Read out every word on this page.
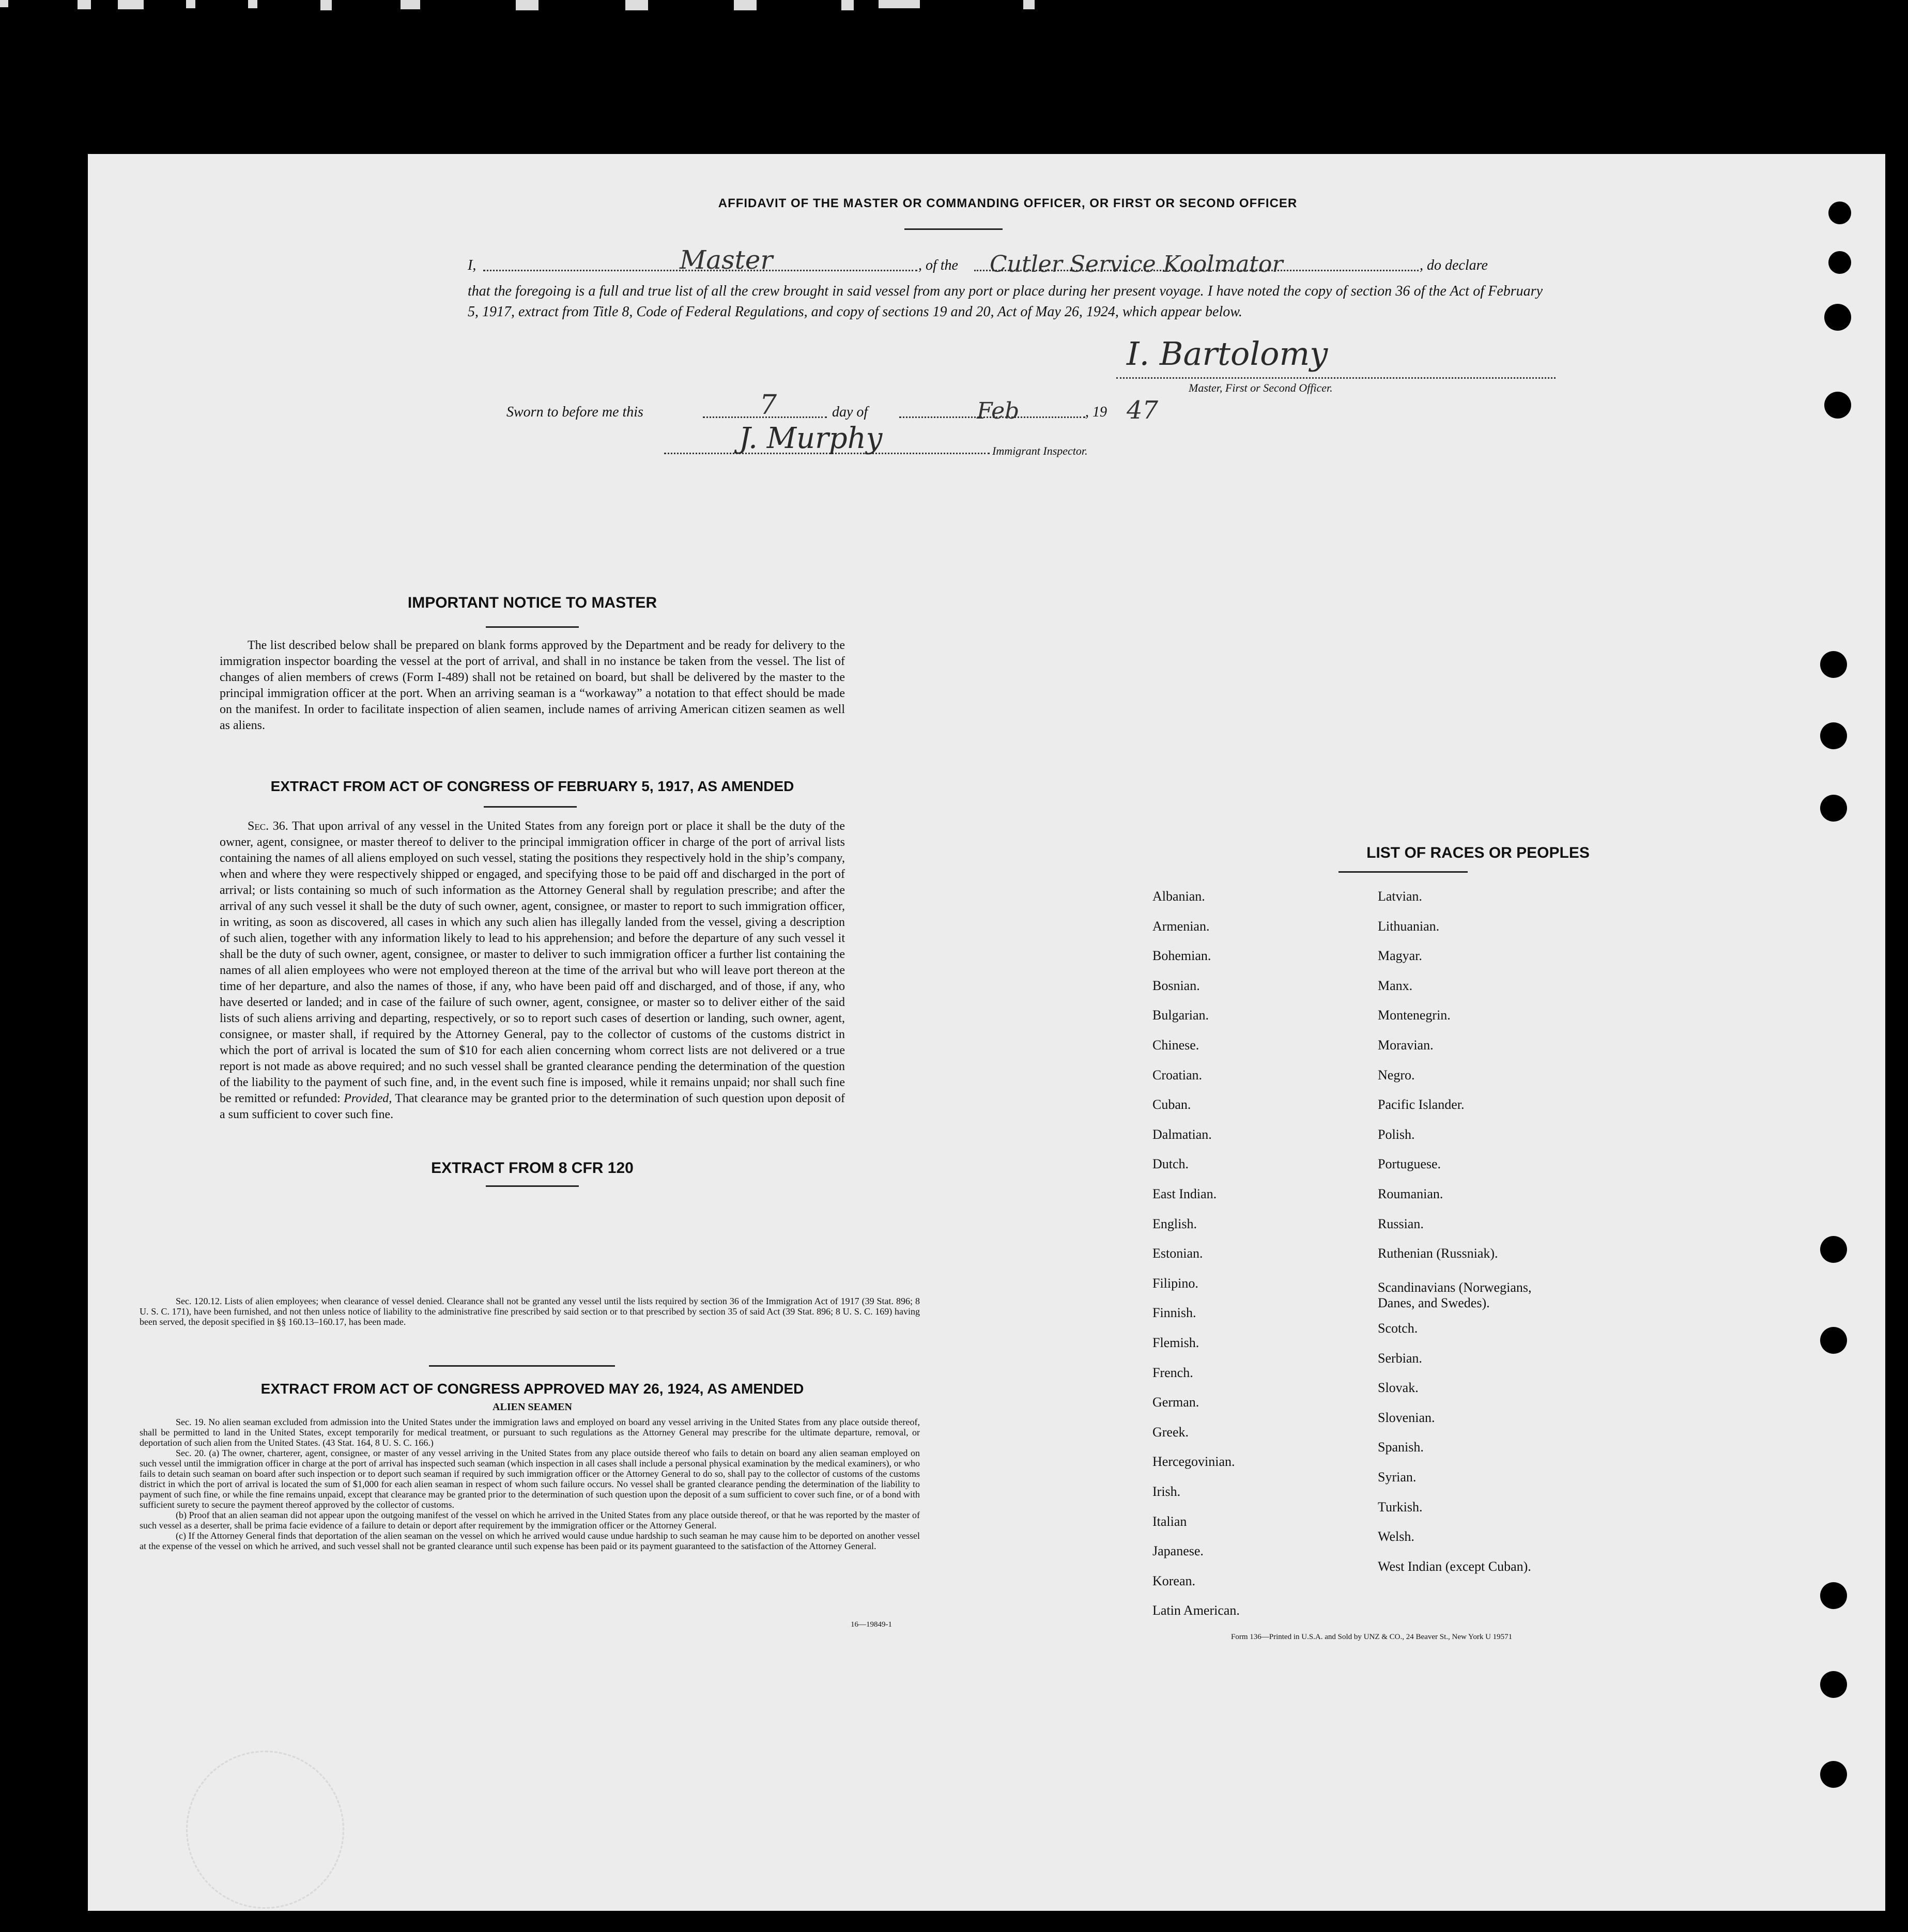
AFFIDAVIT OF THE MASTER OR COMMANDING OFFICER, OR FIRST OR SECOND OFFICER
I,	Master	, of the Cutler Service Koolmator	, do declare
that the foregoing is a full and true list of all the crew brought in said vessel from any port or place during her present voyage. I have noted the copy of section 36 of the Act of February 5, 1917, extract from Title 8, Code of Federal Regulations, and copy of sections 19 and 20, Act of May 26, 1924, which appear below.
I. Bartolomy
Master, First or Second Officer.
Sworn to before me this	7	day of	Feb	, 19 47
J. Murphy	Immigrant Inspector.
IMPORTANT NOTICE TO MASTER
The list described below shall be prepared on blank forms approved by the Department and be ready for delivery to the immigration inspector boarding the vessel at the port of arrival, and shall in no instance be taken from the vessel. The list of changes of alien members of crews (Form I-489) shall not be retained on board, but shall be delivered by the master to the principal immigration officer at the port. When an arriving seaman is a “workaway” a notation to that effect should be made on the manifest. In order to facilitate inspection of alien seamen, include names of arriving American citizen seamen as well as aliens.
EXTRACT FROM ACT OF CONGRESS OF FEBRUARY 5, 1917, AS AMENDED
Sec. 36. That upon arrival of any vessel in the United States from any foreign port or place it shall be the duty of the owner, agent, consignee, or master thereof to deliver to the principal immigration officer in charge of the port of arrival lists containing the names of all aliens employed on such vessel, stating the positions they respectively hold in the ship’s company, when and where they were respectively shipped or engaged, and specifying those to be paid off and discharged in the port of arrival; or lists containing so much of such information as the Attorney General shall by regulation prescribe; and after the arrival of any such vessel it shall be the duty of such owner, agent, consignee, or master to report to such immigration officer, in writing, as soon as discovered, all cases in which any such alien has illegally landed from the vessel, giving a description of such alien, together with any information likely to lead to his apprehension; and before the departure of any such vessel it shall be the duty of such owner, agent, consignee, or master to deliver to such immigration officer a further list containing the names of all alien employees who were not employed thereon at the time of the arrival but who will leave port thereon at the time of her departure, and also the names of those, if any, who have been paid off and discharged, and of those, if any, who have deserted or landed; and in case of the failure of such owner, agent, consignee, or master so to deliver either of the said lists of such aliens arriving and departing, respectively, or so to report such cases of desertion or landing, such owner, agent, consignee, or master shall, if required by the Attorney General, pay to the collector of customs of the customs district in which the port of arrival is located the sum of $10 for each alien concerning whom correct lists are not delivered or a true report is not made as above required; and no such vessel shall be granted clearance pending the determination of the question of the liability to the payment of such fine, and, in the event such fine is imposed, while it remains unpaid; nor shall such fine be remitted or refunded: Provided, That clearance may be granted prior to the determination of such question upon deposit of a sum sufficient to cover such fine.
EXTRACT FROM 8 CFR 120
Sec. 120.12. Lists of alien employees; when clearance of vessel denied. Clearance shall not be granted any vessel until the lists required by section 36 of the Immigration Act of 1917 (39 Stat. 896; 8 U. S. C. 171), have been furnished, and not then unless notice of liability to the administrative fine prescribed by said section or to that prescribed by section 35 of said Act (39 Stat. 896; 8 U. S. C. 169) having been served, the deposit specified in §§ 160.13–160.17, has been made.
EXTRACT FROM ACT OF CONGRESS APPROVED MAY 26, 1924, AS AMENDED
ALIEN SEAMEN
Sec. 19. No alien seaman excluded from admission into the United States under the immigration laws and employed on board any vessel arriving in the United States from any place outside thereof, shall be permitted to land in the United States, except temporarily for medical treatment, or pursuant to such regulations as the Attorney General may prescribe for the ultimate departure, removal, or deportation of such alien from the United States. (43 Stat. 164, 8 U. S. C. 166.)
Sec. 20. (a) The owner, charterer, agent, consignee, or master of any vessel arriving in the United States from any place outside thereof who fails to detain on board any alien seaman employed on such vessel until the immigration officer in charge at the port of arrival has inspected such seaman (which inspection in all cases shall include a personal physical examination by the medical examiners), or who fails to detain such seaman on board after such inspection or to deport such seaman if required by such immigration officer or the Attorney General to do so, shall pay to the collector of customs of the customs district in which the port of arrival is located the sum of $1,000 for each alien seaman in respect of whom such failure occurs. No vessel shall be granted clearance pending the determination of the liability to payment of such fine, or while the fine remains unpaid, except that clearance may be granted prior to the determination of such question upon the deposit of a sum sufficient to cover such fine, or of a bond with sufficient surety to secure the payment thereof approved by the collector of customs.
(b) Proof that an alien seaman did not appear upon the outgoing manifest of the vessel on which he arrived in the United States from any place outside thereof, or that he was reported by the master of such vessel as a deserter, shall be prima facie evidence of a failure to detain or deport after requirement by the immigration officer or the Attorney General.
(c) If the Attorney General finds that deportation of the alien seaman on the vessel on which he arrived would cause undue hardship to such seaman he may cause him to be deported on another vessel at the expense of the vessel on which he arrived, and such vessel shall not be granted clearance until such expense has been paid or its payment guaranteed to the satisfaction of the Attorney General.
16—19849-1
LIST OF RACES OR PEOPLES
Albanian.
Armenian.
Bohemian.
Bosnian.
Bulgarian.
Chinese.
Croatian.
Cuban.
Dalmatian.
Dutch.
East Indian.
English.
Estonian.
Filipino.
Finnish.
Flemish.
French.
German.
Greek.
Hercegovinian.
Irish.
Italian
Japanese.
Korean.
Latin American.
Latvian.
Lithuanian.
Magyar.
Manx.
Montenegrin.
Moravian.
Negro.
Pacific Islander.
Polish.
Portuguese.
Roumanian.
Russian.
Ruthenian (Russniak).
Scandinavians (Norwegians, Danes, and Swedes).
Scotch.
Serbian.
Slovak.
Slovenian.
Spanish.
Syrian.
Turkish.
Welsh.
West Indian (except Cuban).
Form 136—Printed in U.S.A. and Sold by UNZ & CO., 24 Beaver St., New York U 19571
